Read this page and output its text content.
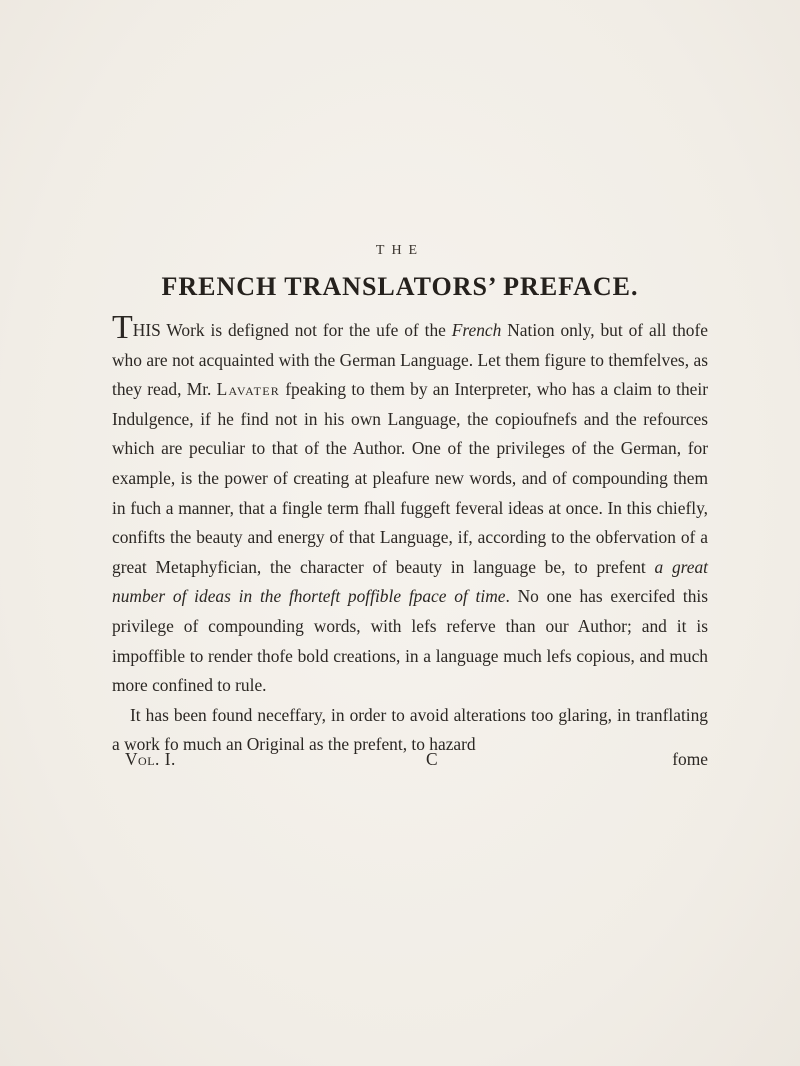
THE
FRENCH TRANSLATORS’ PREFACE.

THIS Work is defigned not for the ufe of the French Nation only, but of all thofe who are not acquainted with the German Language. Let them figure to themfelves, as they read, Mr. Lavater fpeaking to them by an Interpreter, who has a claim to their Indulgence, if he find not in his own Language, the copioufnefs and the refources which are peculiar to that of the Author. One of the privileges of the German, for example, is the power of creating at pleafure new words, and of compounding them in fuch a manner, that a fingle term fhall fuggeft feveral ideas at once. In this chiefly, confifts the beauty and energy of that Language, if, according to the obfervation of a great Metaphyfician, the character of beauty in language be, to prefent a great number of ideas in the fhorteft poffible fpace of time. No one has exercifed this privilege of compounding words, with lefs referve than our Author; and it is impoffible to render thofe bold creations, in a language much lefs copious, and much more confined to rule.

It has been found neceffary, in order to avoid alterations too glaring, in tranflating a work fo much an Original as the prefent, to hazard

Vol. I.	C	fome
